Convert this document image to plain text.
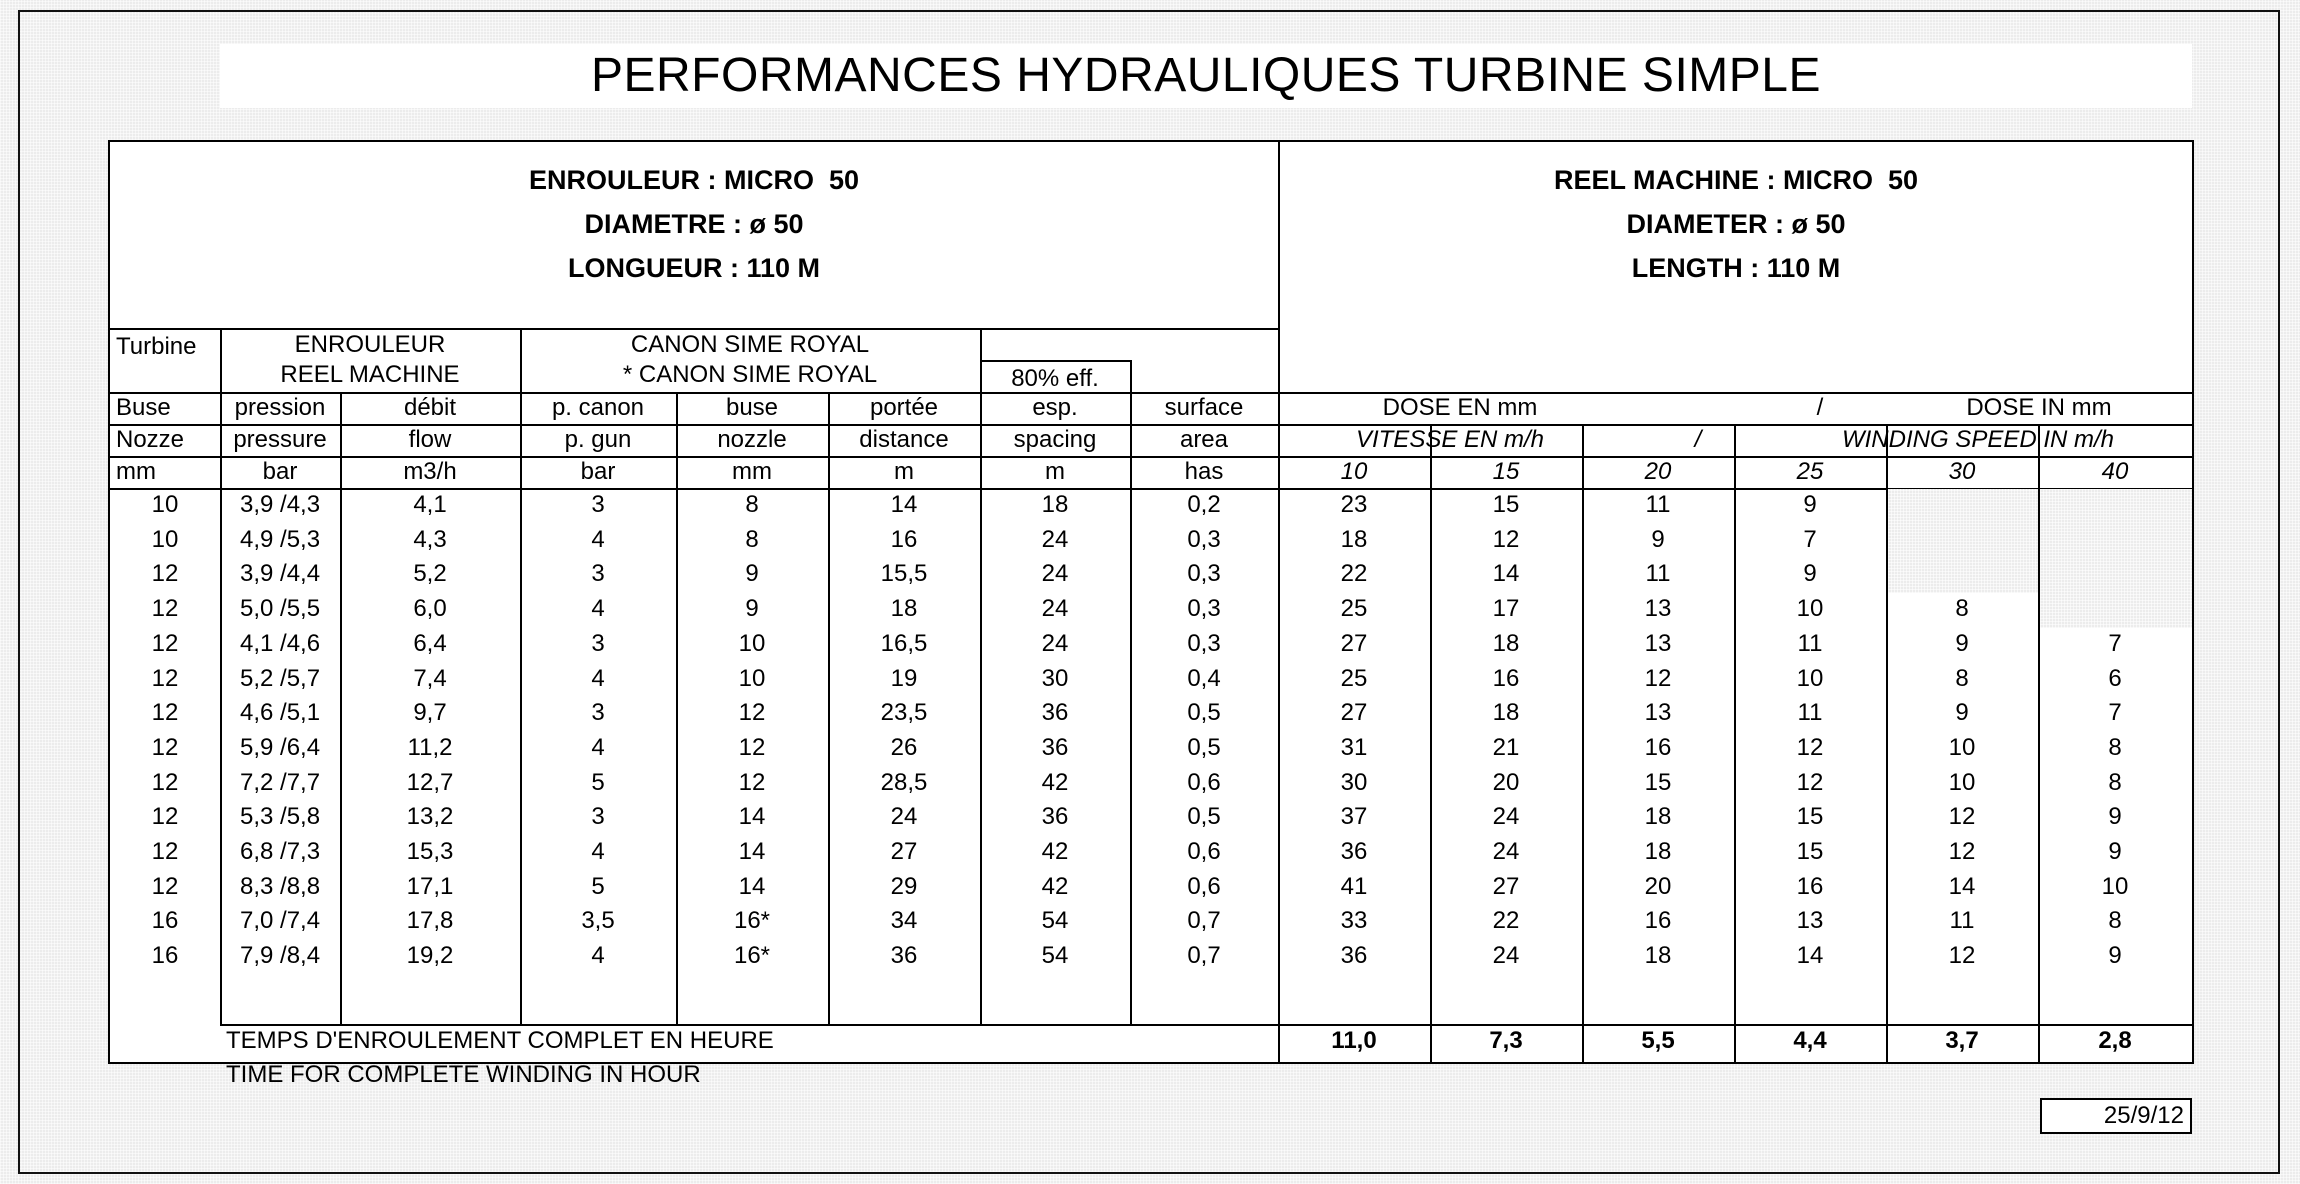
PERFORMANCES HYDRAULIQUES TURBINE SIMPLE
ENROULEUR : MICRO  50
DIAMETRE : ø 50
LONGUEUR : 110 M
REEL MACHINE : MICRO  50
DIAMETER : ø 50
LENGTH : 110 M
Turbine	ENROULEUR
REEL MACHINE
CANON SIME ROYAL
* CANON SIME ROYAL	80% eff.
Buse	pression	débit	p. canon	buse	portée	esp.	surface
Nozze	pressure	flow	p. gun	nozzle	distance	spacing	area
mm	bar	m3/h	bar	mm	m	m	has
DOSE EN mm	/	DOSE IN mm
VITESSE EN m/h	/	WINDING SPEED IN m/h
10	15	20	25	30	40
10	3,9 /4,3	4,1	3	8	14	18	0,2	23	15	11	9
10	4,9 /5,3	4,3	4	8	16	24	0,3	18	12	9	7
12	3,9 /4,4	5,2	3	9	15,5	24	0,3	22	14	11	9
12	5,0 /5,5	6,0	4	9	18	24	0,3	25	17	13	10	8
12	4,1 /4,6	6,4	3	10	16,5	24	0,3	27	18	13	11	9	7
12	5,2 /5,7	7,4	4	10	19	30	0,4	25	16	12	10	8	6
12	4,6 /5,1	9,7	3	12	23,5	36	0,5	27	18	13	11	9	7
12	5,9 /6,4	11,2	4	12	26	36	0,5	31	21	16	12	10	8
12	7,2 /7,7	12,7	5	12	28,5	42	0,6	30	20	15	12	10	8
12	5,3 /5,8	13,2	3	14	24	36	0,5	37	24	18	15	12	9
12	6,8 /7,3	15,3	4	14	27	42	0,6	36	24	18	15	12	9
12	8,3 /8,8	17,1	5	14	29	42	0,6	41	27	20	16	14	10
16	7,0 /7,4	17,8	3,5	16*	34	54	0,7	33	22	16	13	11	8
16	7,9 /8,4	19,2	4	16*	36	54	0,7	36	24	18	14	12	9
TEMPS D'ENROULEMENT COMPLET EN HEURE
TIME FOR COMPLETE WINDING IN HOUR
11,0	7,3	5,5	4,4	3,7	2,8
25/9/12
